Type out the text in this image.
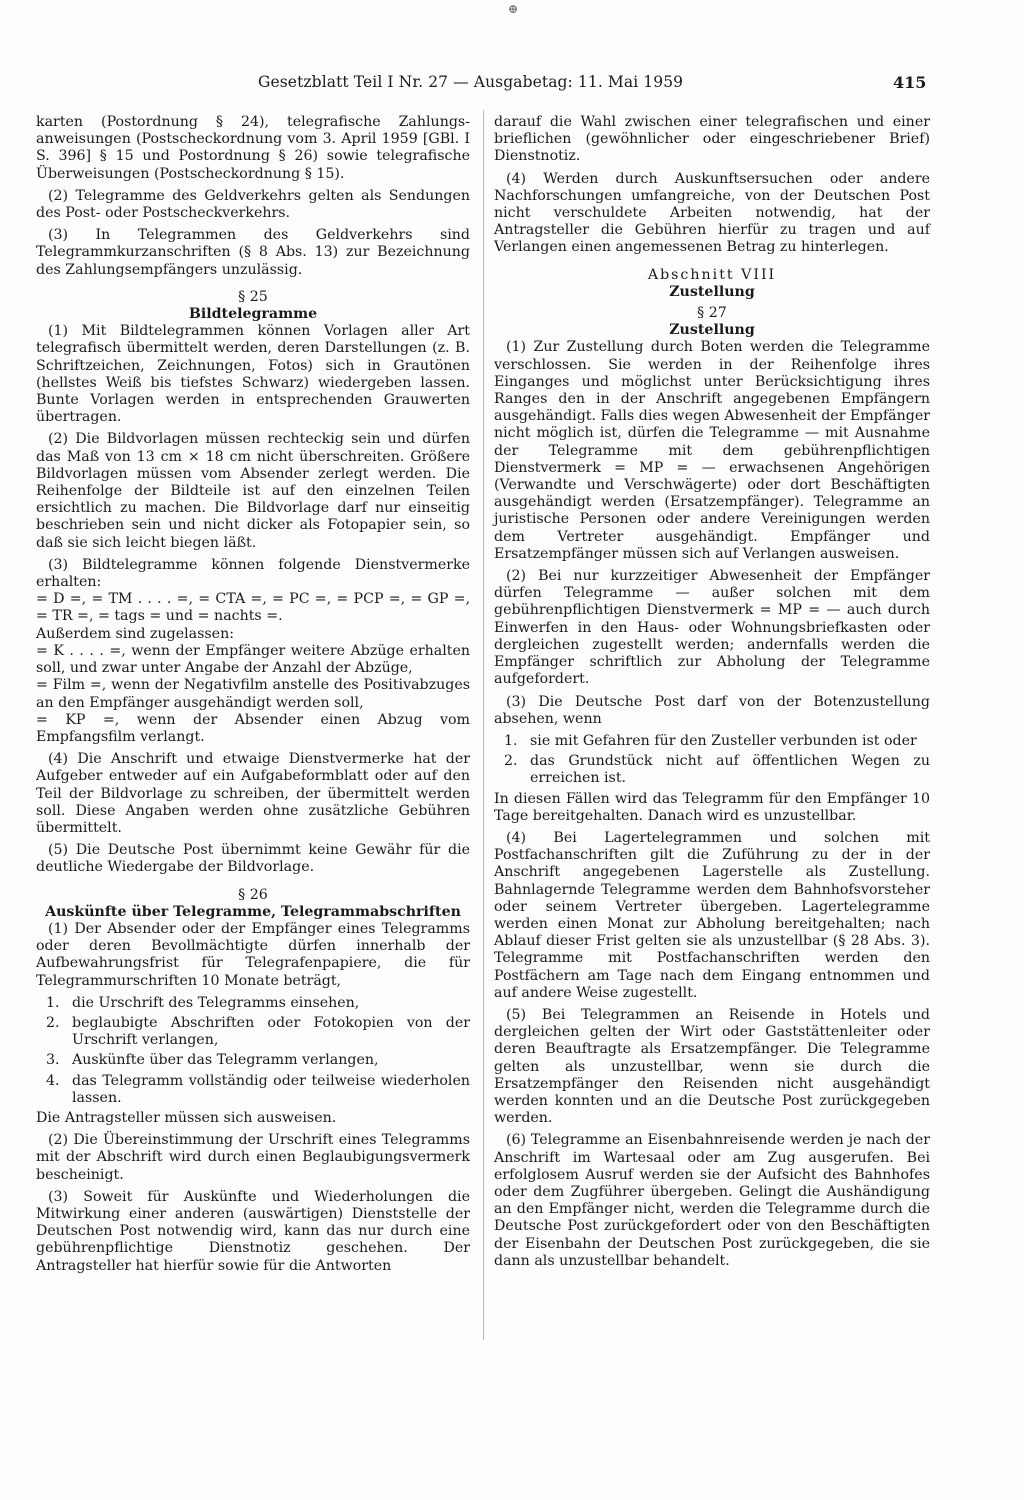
⊕
Gesetzblatt Teil I Nr. 27 — Ausgabetag: 11. Mai 1959	415

karten (Postordnung § 24), telegrafische Zahlungs-anweisungen (Postscheckordnung vom 3. April 1959 [GBl. I S. 396] § 15 und Postordnung § 26) sowie telegrafische Überweisungen (Postscheckordnung § 15).

(2) Telegramme des Geldverkehrs gelten als Sendungen des Post- oder Postscheckverkehrs.

(3) In Telegrammen des Geldverkehrs sind Telegrammkurzanschriften (§ 8 Abs. 13) zur Bezeichnung des Zahlungsempfängers unzulässig.

§ 25
Bildtelegramme

(1) Mit Bildtelegrammen können Vorlagen aller Art telegrafisch übermittelt werden, deren Darstellungen (z. B. Schriftzeichen, Zeichnungen, Fotos) sich in Grautönen (hellstes Weiß bis tiefstes Schwarz) wiedergeben lassen. Bunte Vorlagen werden in entsprechenden Grauwerten übertragen.

(2) Die Bildvorlagen müssen rechteckig sein und dürfen das Maß von 13 cm × 18 cm nicht überschreiten. Größere Bildvorlagen müssen vom Absender zerlegt werden. Die Reihenfolge der Bildteile ist auf den einzelnen Teilen ersichtlich zu machen. Die Bildvorlage darf nur einseitig beschrieben sein und nicht dicker als Fotopapier sein, so daß sie sich leicht biegen läßt.

(3) Bildtelegramme können folgende Dienstvermerke erhalten:

= D =, = TM . . . . =, = CTA =, = PC =, = PCP =, = GP =, = TR =, = tags = und = nachts =.

Außerdem sind zugelassen:

= K . . . . =, wenn der Empfänger weitere Abzüge erhalten soll, und zwar unter Angabe der Anzahl der Abzüge,

= Film =, wenn der Negativfilm anstelle des Positivabzuges an den Empfänger ausgehändigt werden soll,

= KP =, wenn der Absender einen Abzug vom Empfangsfilm verlangt.

(4) Die Anschrift und etwaige Dienstvermerke hat der Aufgeber entweder auf ein Aufgabeformblatt oder auf den Teil der Bildvorlage zu schreiben, der übermittelt werden soll. Diese Angaben werden ohne zusätzliche Gebühren übermittelt.

(5) Die Deutsche Post übernimmt keine Gewähr für die deutliche Wiedergabe der Bildvorlage.

§ 26
Auskünfte über Telegramme, Telegrammabschriften

(1) Der Absender oder der Empfänger eines Telegramms oder deren Bevollmächtigte dürfen innerhalb der Aufbewahrungsfrist für Telegrafenpapiere, die für Telegrammurschriften 10 Monate beträgt,

1. die Urschrift des Telegramms einsehen,
2. beglaubigte Abschriften oder Fotokopien von der Urschrift verlangen,
3. Auskünfte über das Telegramm verlangen,
4. das Telegramm vollständig oder teilweise wiederholen lassen.

Die Antragsteller müssen sich ausweisen.

(2) Die Übereinstimmung der Urschrift eines Telegramms mit der Abschrift wird durch einen Beglaubigungsvermerk bescheinigt.

(3) Soweit für Auskünfte und Wiederholungen die Mitwirkung einer anderen (auswärtigen) Dienststelle der Deutschen Post notwendig wird, kann das nur durch eine gebührenpflichtige Dienstnotiz geschehen. Der Antragsteller hat hierfür sowie für die Antworten

darauf die Wahl zwischen einer telegrafischen und einer brieflichen (gewöhnlicher oder eingeschriebener Brief) Dienstnotiz.

(4) Werden durch Auskunftsersuchen oder andere Nachforschungen umfangreiche, von der Deutschen Post nicht verschuldete Arbeiten notwendig, hat der Antragsteller die Gebühren hierfür zu tragen und auf Verlangen einen angemessenen Betrag zu hinterlegen.

Abschnitt VIII
Zustellung
§ 27
Zustellung

(1) Zur Zustellung durch Boten werden die Telegramme verschlossen. Sie werden in der Reihenfolge ihres Einganges und möglichst unter Berücksichtigung ihres Ranges den in der Anschrift angegebenen Empfängern ausgehändigt. Falls dies wegen Abwesenheit der Empfänger nicht möglich ist, dürfen die Telegramme — mit Ausnahme der Telegramme mit dem gebührenpflichtigen Dienstvermerk = MP = — erwachsenen Angehörigen (Verwandte und Verschwägerte) oder dort Beschäftigten ausgehändigt werden (Ersatzempfänger). Telegramme an juristische Personen oder andere Vereinigungen werden dem Vertreter ausgehändigt. Empfänger und Ersatzempfänger müssen sich auf Verlangen ausweisen.

(2) Bei nur kurzzeitiger Abwesenheit der Empfänger dürfen Telegramme — außer solchen mit dem gebührenpflichtigen Dienstvermerk = MP = — auch durch Einwerfen in den Haus- oder Wohnungsbriefkasten oder dergleichen zugestellt werden; andernfalls werden die Empfänger schriftlich zur Abholung der Telegramme aufgefordert.

(3) Die Deutsche Post darf von der Botenzustellung absehen, wenn

1. sie mit Gefahren für den Zusteller verbunden ist oder
2. das Grundstück nicht auf öffentlichen Wegen zu erreichen ist.

In diesen Fällen wird das Telegramm für den Empfänger 10 Tage bereitgehalten. Danach wird es unzustellbar.

(4) Bei Lagertelegrammen und solchen mit Postfachanschriften gilt die Zuführung zu der in der Anschrift angegebenen Lagerstelle als Zustellung. Bahnlagernde Telegramme werden dem Bahnhofsvorsteher oder seinem Vertreter übergeben. Lagertelegramme werden einen Monat zur Abholung bereitgehalten; nach Ablauf dieser Frist gelten sie als unzustellbar (§ 28 Abs. 3). Telegramme mit Postfachanschriften werden den Postfächern am Tage nach dem Eingang entnommen und auf andere Weise zugestellt.

(5) Bei Telegrammen an Reisende in Hotels und dergleichen gelten der Wirt oder Gaststättenleiter oder deren Beauftragte als Ersatzempfänger. Die Telegramme gelten als unzustellbar, wenn sie durch die Ersatzempfänger den Reisenden nicht ausgehändigt werden konnten und an die Deutsche Post zurückgegeben werden.

(6) Telegramme an Eisenbahnreisende werden je nach der Anschrift im Wartesaal oder am Zug ausgerufen. Bei erfolglosem Ausruf werden sie der Aufsicht des Bahnhofes oder dem Zugführer übergeben. Gelingt die Aushändigung an den Empfänger nicht, werden die Telegramme durch die Deutsche Post zurückgefordert oder von den Beschäftigten der Eisenbahn der Deutschen Post zurückgegeben, die sie dann als unzustellbar behandelt.
